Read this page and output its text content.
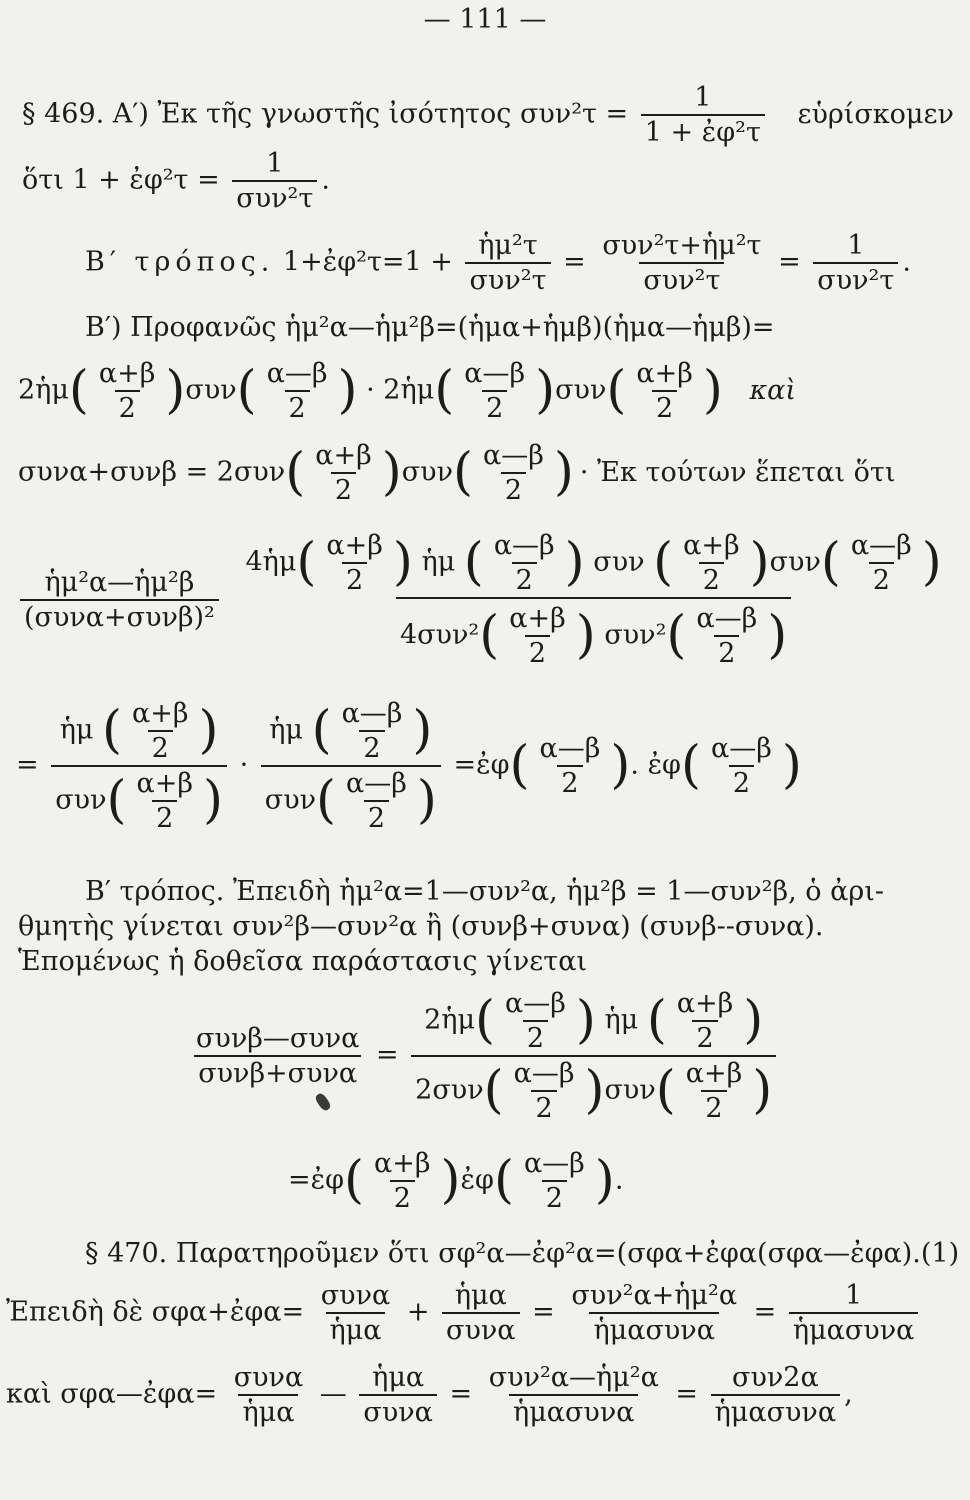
— 111 —
§ 469. Α′) Ἐκ τῆς γνωστῆς ἰσότητος $\sigma\upsilon\nu^2\tau = \frac{1}{\text{1 + ἐφ²τ}}$ εὑρίσκομεν
ὅτι 1 + ἐφ²τ = $\frac{1}{\text{συν²τ}}$ .
Β′ τρόπος. 1+ἐφ²τ=1 + $\frac{\text{ἡμ²τ}}{\text{συν²τ}} = \frac{\text{συν²τ+ἡμ²τ}}{\text{συν²τ}} = \frac{1}{\text{συν²τ}}$ .
Β′) Προφανῶς ἡμ²α—ἡμ²β=(ἡμα+ἡμβ)(ἡμα—ἡμβ)=
2ἡμ ( $\frac{\alpha+\beta}{2}$
) συν ( $\frac{\alpha—\beta}{2}$
) · 2ἡμ ( $\frac{\alpha—\beta}{2}$
) συν ( $\frac{\alpha+\beta}{2}$
) καὶ
συνα+συνβ = 2συν ( $\frac{\alpha+\beta}{2}$
) συν ( $\frac{\alpha—\beta}{2}$
) · Ἐκ τούτων ἕπεται ὅτι
$\frac{\text{ἡμ²α—ἡμ²β}}{\text{(συνα+συνβ)²}}$
4ἡμ ( $\frac{\alpha+\beta}{2}$
) ἡμ ( $\frac{\alpha—\beta}{2}$
) συν ( $\frac{\alpha+\beta}{2}$
) συν ( $\frac{\alpha—\beta}{2}$
)
4συν² ( $\frac{\alpha+\beta}{2}$
) συν² ( $\frac{\alpha—\beta}{2}$
)
= ἡμ ( $\frac{\alpha+\beta}{2}$
)
συν ( $\frac{\alpha+\beta}{2}$
) · ἡμ ( $\frac{\alpha—\beta}{2}$
)
συν ( $\frac{\alpha—\beta}{2}$
) =ἐφ ( $\frac{\alpha—\beta}{2}$
) . ἐφ ( $\frac{\alpha—\beta}{2}$
)
Β′ τρόπος. Ἐπειδὴ ἡμ²α=1—συν²α, ἡμ²β = 1—συν²β, ὁ ἀρι-
θμητὴς γίνεται συν²β—συν²α ἢ (συνβ+συνα) (συνβ--συνα).
Ἑπομένως ἡ δοθεῖσα παράστασις γίνεται
$\frac{\text{συνβ—συνα}}{\text{συνβ+συνα}}$ = 2ἡμ ( $\frac{\alpha—\beta}{2}$
) ἡμ ( $\frac{\alpha+\beta}{2}$
)
2συν ( $\frac{\alpha—\beta}{2}$
) συν ( $\frac{\alpha+\beta}{2}$
)
=ἐφ ( $\frac{\alpha+\beta}{2}$
) ἐφ ( $\frac{\alpha—\beta}{2}$
) .
§ 470. Παρατηροῦμεν ὅτι σφ²α—ἐφ²α=(σφα+ἐφα(σφα—ἐφα).(1)
Ἐπειδὴ δὲ σφα+ἐφα= $\frac{\text{συνα}}{\text{ἡμα}} + \frac{\text{ἡμα}}{\text{συνα}} = \frac{\text{συν²α+ἡμ²α}}{\text{ἡμασυνα}} = \frac{1}{\text{ἡμασυνα}}$
καὶ σφα—ἐφα= $\frac{\text{συνα}}{\text{ἡμα}}$ — $\frac{\text{ἡμα}}{\text{συνα}} = \frac{\text{συν²α—ἡμ²α}}{\text{ἡμασυνα}} = \frac{\text{συν2α}}{\text{ἡμασυνα}}$ ,
